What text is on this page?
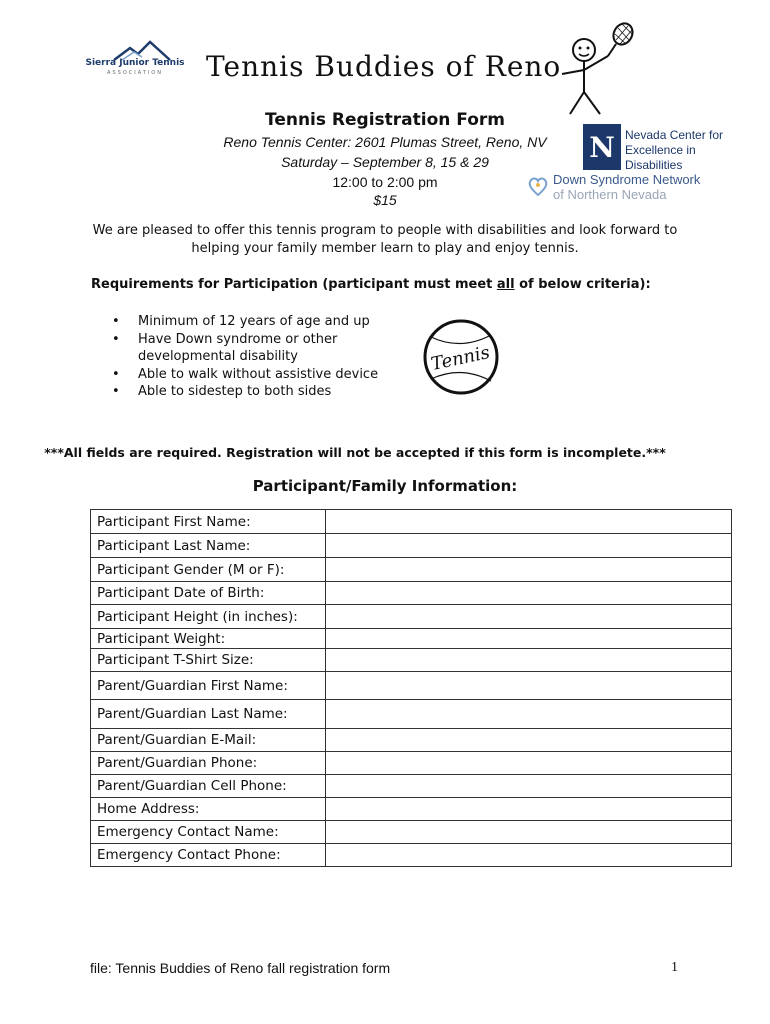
Sierra Junior Tennis
ASSOCIATION	Tennis Buddies of Reno
N Nevada Center for
Excellence in Disabilities
Down Syndrome Network
of Northern Nevada
Tennis Registration Form
Reno Tennis Center: 2601 Plumas Street, Reno, NV
Saturday – September 8, 15 & 29
12:00 to 2:00 pm
$15
We are pleased to offer this tennis program to people with disabilities and look forward to helping your family member learn to play and enjoy tennis.
Requirements for Participation (participant must meet all of below criteria):
• Minimum of 12 years of age and up
• Have Down syndrome or other developmental disability
• Able to walk without assistive device
• Able to sidestep to both sides
Tennis
***All fields are required. Registration will not be accepted if this form is incomplete.***
Participant/Family Information:
Participant First Name:	
Participant Last Name:	
Participant Gender (M or F):	
Participant Date of Birth:	
Participant Height (in inches):	
Participant Weight:	
Participant T-Shirt Size:	
Parent/Guardian First Name:	
Parent/Guardian Last Name:	
Parent/Guardian E-Mail:	
Parent/Guardian Phone:	
Parent/Guardian Cell Phone:	
Home Address:	
Emergency Contact Name:	
Emergency Contact Phone:	
file: Tennis Buddies of Reno fall registration form	1
